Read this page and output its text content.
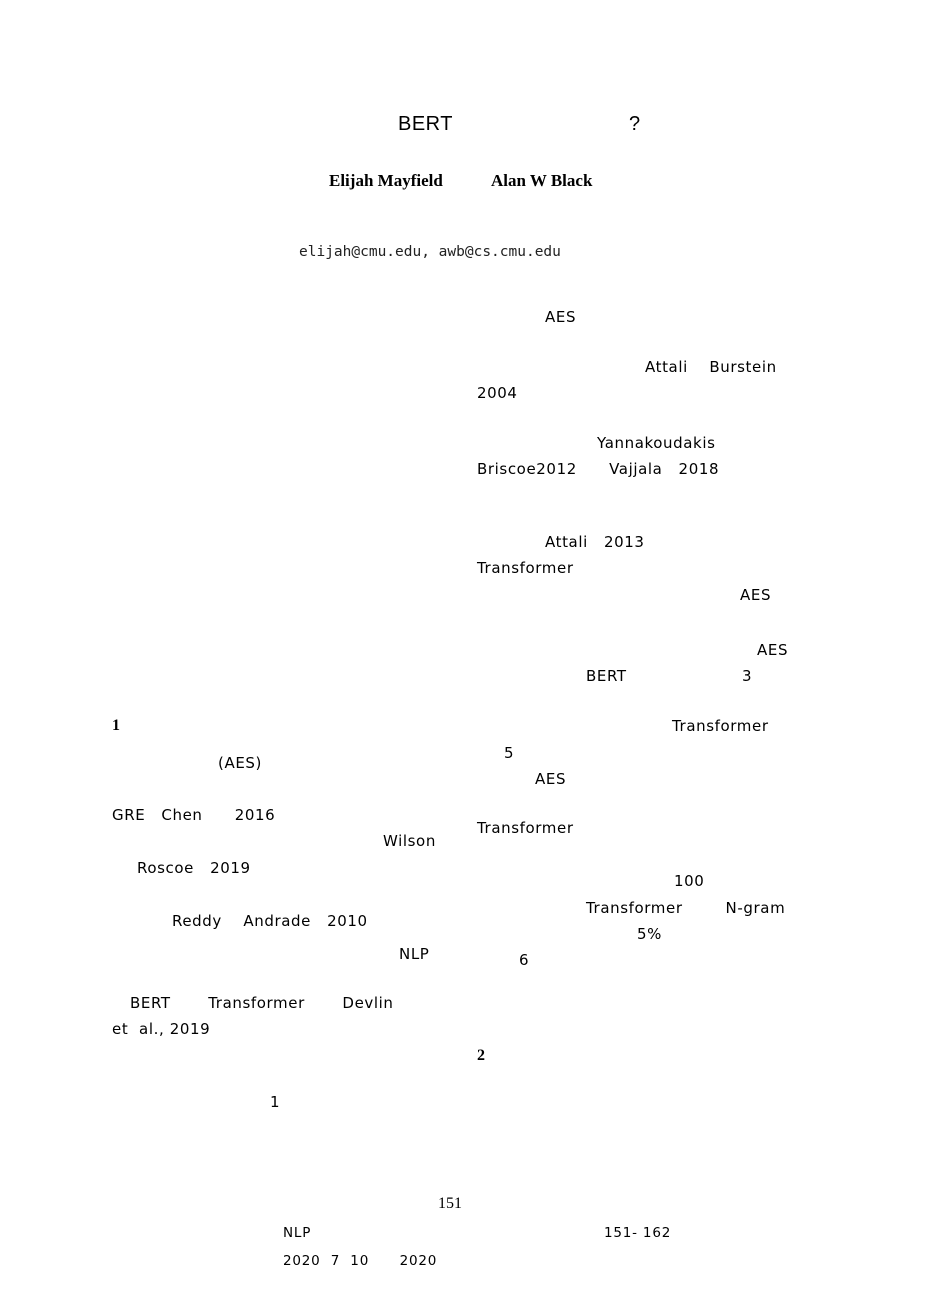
BERT	?
Elijah Mayfield	Alan W Black
elijah@cmu.edu, awb@cs.cmu.edu
AES
Attali    Burstein
2004
Yannakoudakis
Briscoe2012      Vajjala   2018
Attali   2013
Transformer
AES
AES
BERT	3
1
2
(AES)
GRE   Chen      2016
Wilson
Roscoe   2019
Reddy    Andrade   2010
NLP
BERT       Transformer       Devlin
et  al., 2019
1
Transformer
5
AES
Transformer
100
Transformer        N-gram
5%
6
151
NLP	151- 162
2020  7  10      2020
